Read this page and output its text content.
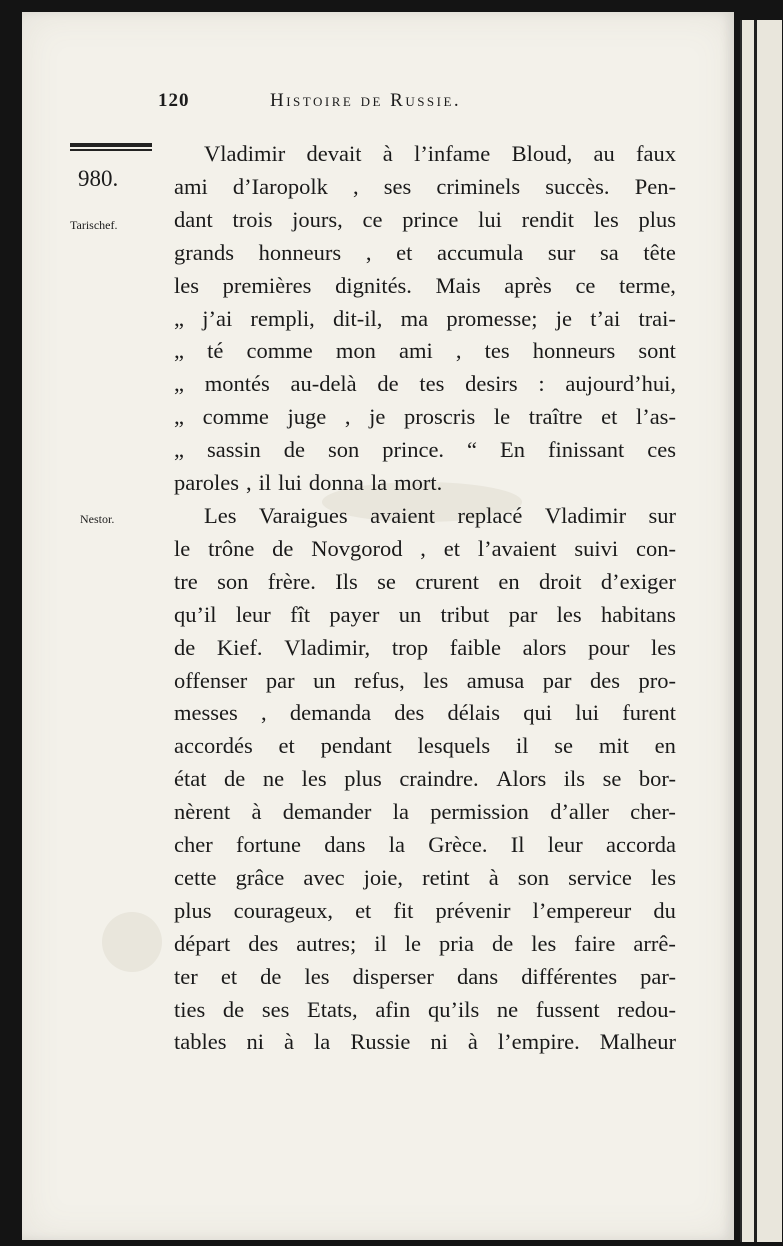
120	Histoire de Russie.
980.
Tarischef.
Nestor.
Vladimir devait à l’infame Bloud, au faux
ami d’Iaropolk , ses criminels succès. Pen-
dant trois jours, ce prince lui rendit les plus
grands honneurs , et accumula sur sa tête
les premières dignités. Mais après ce terme,
„ j’ai rempli, dit-il, ma promesse; je t’ai trai-
„ té comme mon ami , tes honneurs sont
„ montés au-delà de tes desirs : aujourd’hui,
„ comme juge , je proscris le traître et l’as-
„ sassin de son prince. “ En finissant ces
paroles , il lui donna la mort.
Les Varaigues avaient replacé Vladimir sur
le trône de Novgorod , et l’avaient suivi con-
tre son frère. Ils se crurent en droit d’exiger
qu’il leur fît payer un tribut par les habitans
de Kief. Vladimir, trop faible alors pour les
offenser par un refus, les amusa par des pro-
messes , demanda des délais qui lui furent
accordés et pendant lesquels il se mit en
état de ne les plus craindre. Alors ils se bor-
nèrent à demander la permission d’aller cher-
cher fortune dans la Grèce. Il leur accorda
cette grâce avec joie, retint à son service les
plus courageux, et fit prévenir l’empereur du
départ des autres; il le pria de les faire arrê-
ter et de les disperser dans différentes par-
ties de ses Etats, afin qu’ils ne fussent redou-
tables ni à la Russie ni à l’empire. Malheur
